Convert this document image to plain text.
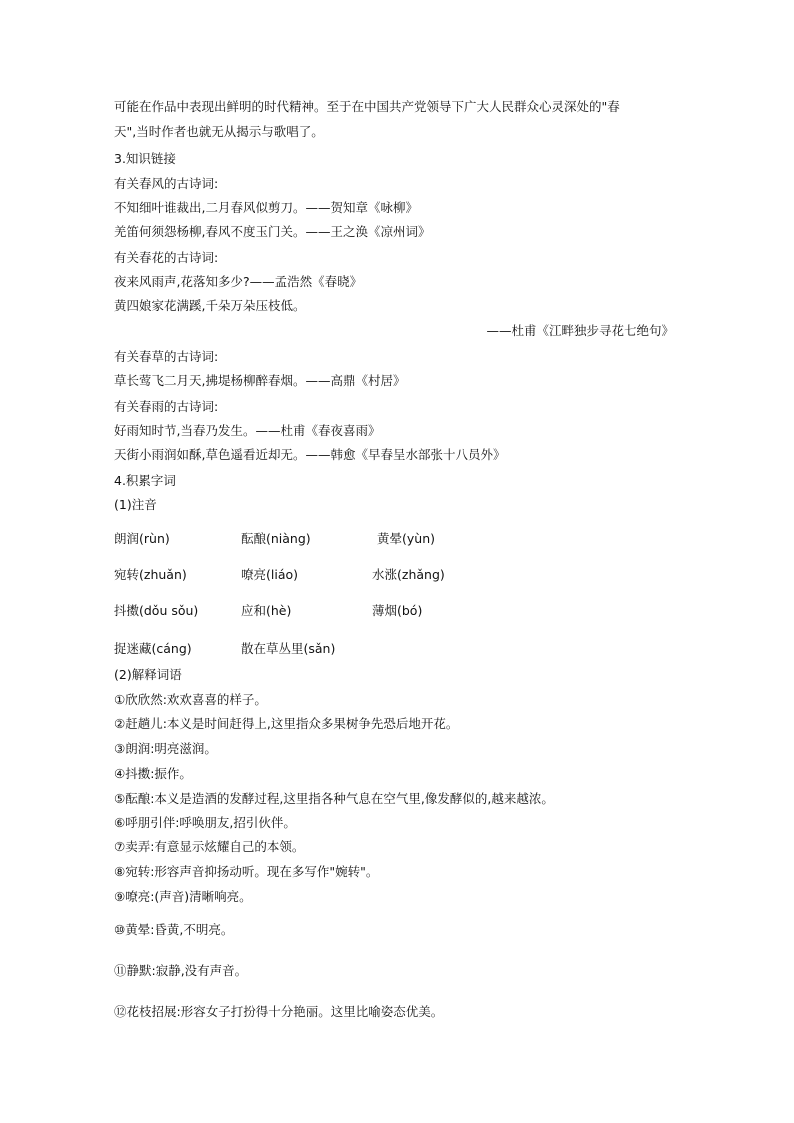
可能在作品中表现出鲜明的时代精神。至于在中国共产党领导下广大人民群众心灵深处的"春
天",当时作者也就无从揭示与歌唱了。
3.知识链接
有关春风的古诗词:
不知细叶谁裁出,二月春风似剪刀。——贺知章《咏柳》
羌笛何须怨杨柳,春风不度玉门关。——王之涣《凉州词》
有关春花的古诗词:
夜来风雨声,花落知多少?——孟浩然《春晓》
黄四娘家花满蹊,千朵万朵压枝低。
——杜甫《江畔独步寻花七绝句》
有关春草的古诗词:
草长莺飞二月天,拂堤杨柳醉春烟。——高鼎《村居》
有关春雨的古诗词:
好雨知时节,当春乃发生。——杜甫《春夜喜雨》
天街小雨润如酥,草色遥看近却无。——韩愈《早春呈水部张十八员外》
4.积累字词
(1)注音
朗润(rùn)	酝酿(niàng)	黄晕(yùn)
宛转(zhuǎn)	嘹亮(liáo)	水涨(zhǎng)
抖擞(dǒu sǒu)	应和(hè)	薄烟(bó)
捉迷藏(cáng)	散在草丛里(sǎn)
(2)解释词语
①欣欣然:欢欢喜喜的样子。
②赶趟儿:本义是时间赶得上,这里指众多果树争先恐后地开花。
③朗润:明亮滋润。
④抖擞:振作。
⑤酝酿:本义是造酒的发酵过程,这里指各种气息在空气里,像发酵似的,越来越浓。
⑥呼朋引伴:呼唤朋友,招引伙伴。
⑦卖弄:有意显示炫耀自己的本领。
⑧宛转:形容声音抑扬动听。现在多写作"婉转"。
⑨嘹亮:(声音)清晰响亮。
⑩黄晕:昏黄,不明亮。
⑪静默:寂静,没有声音。
⑫花枝招展:形容女子打扮得十分艳丽。这里比喻姿态优美。
